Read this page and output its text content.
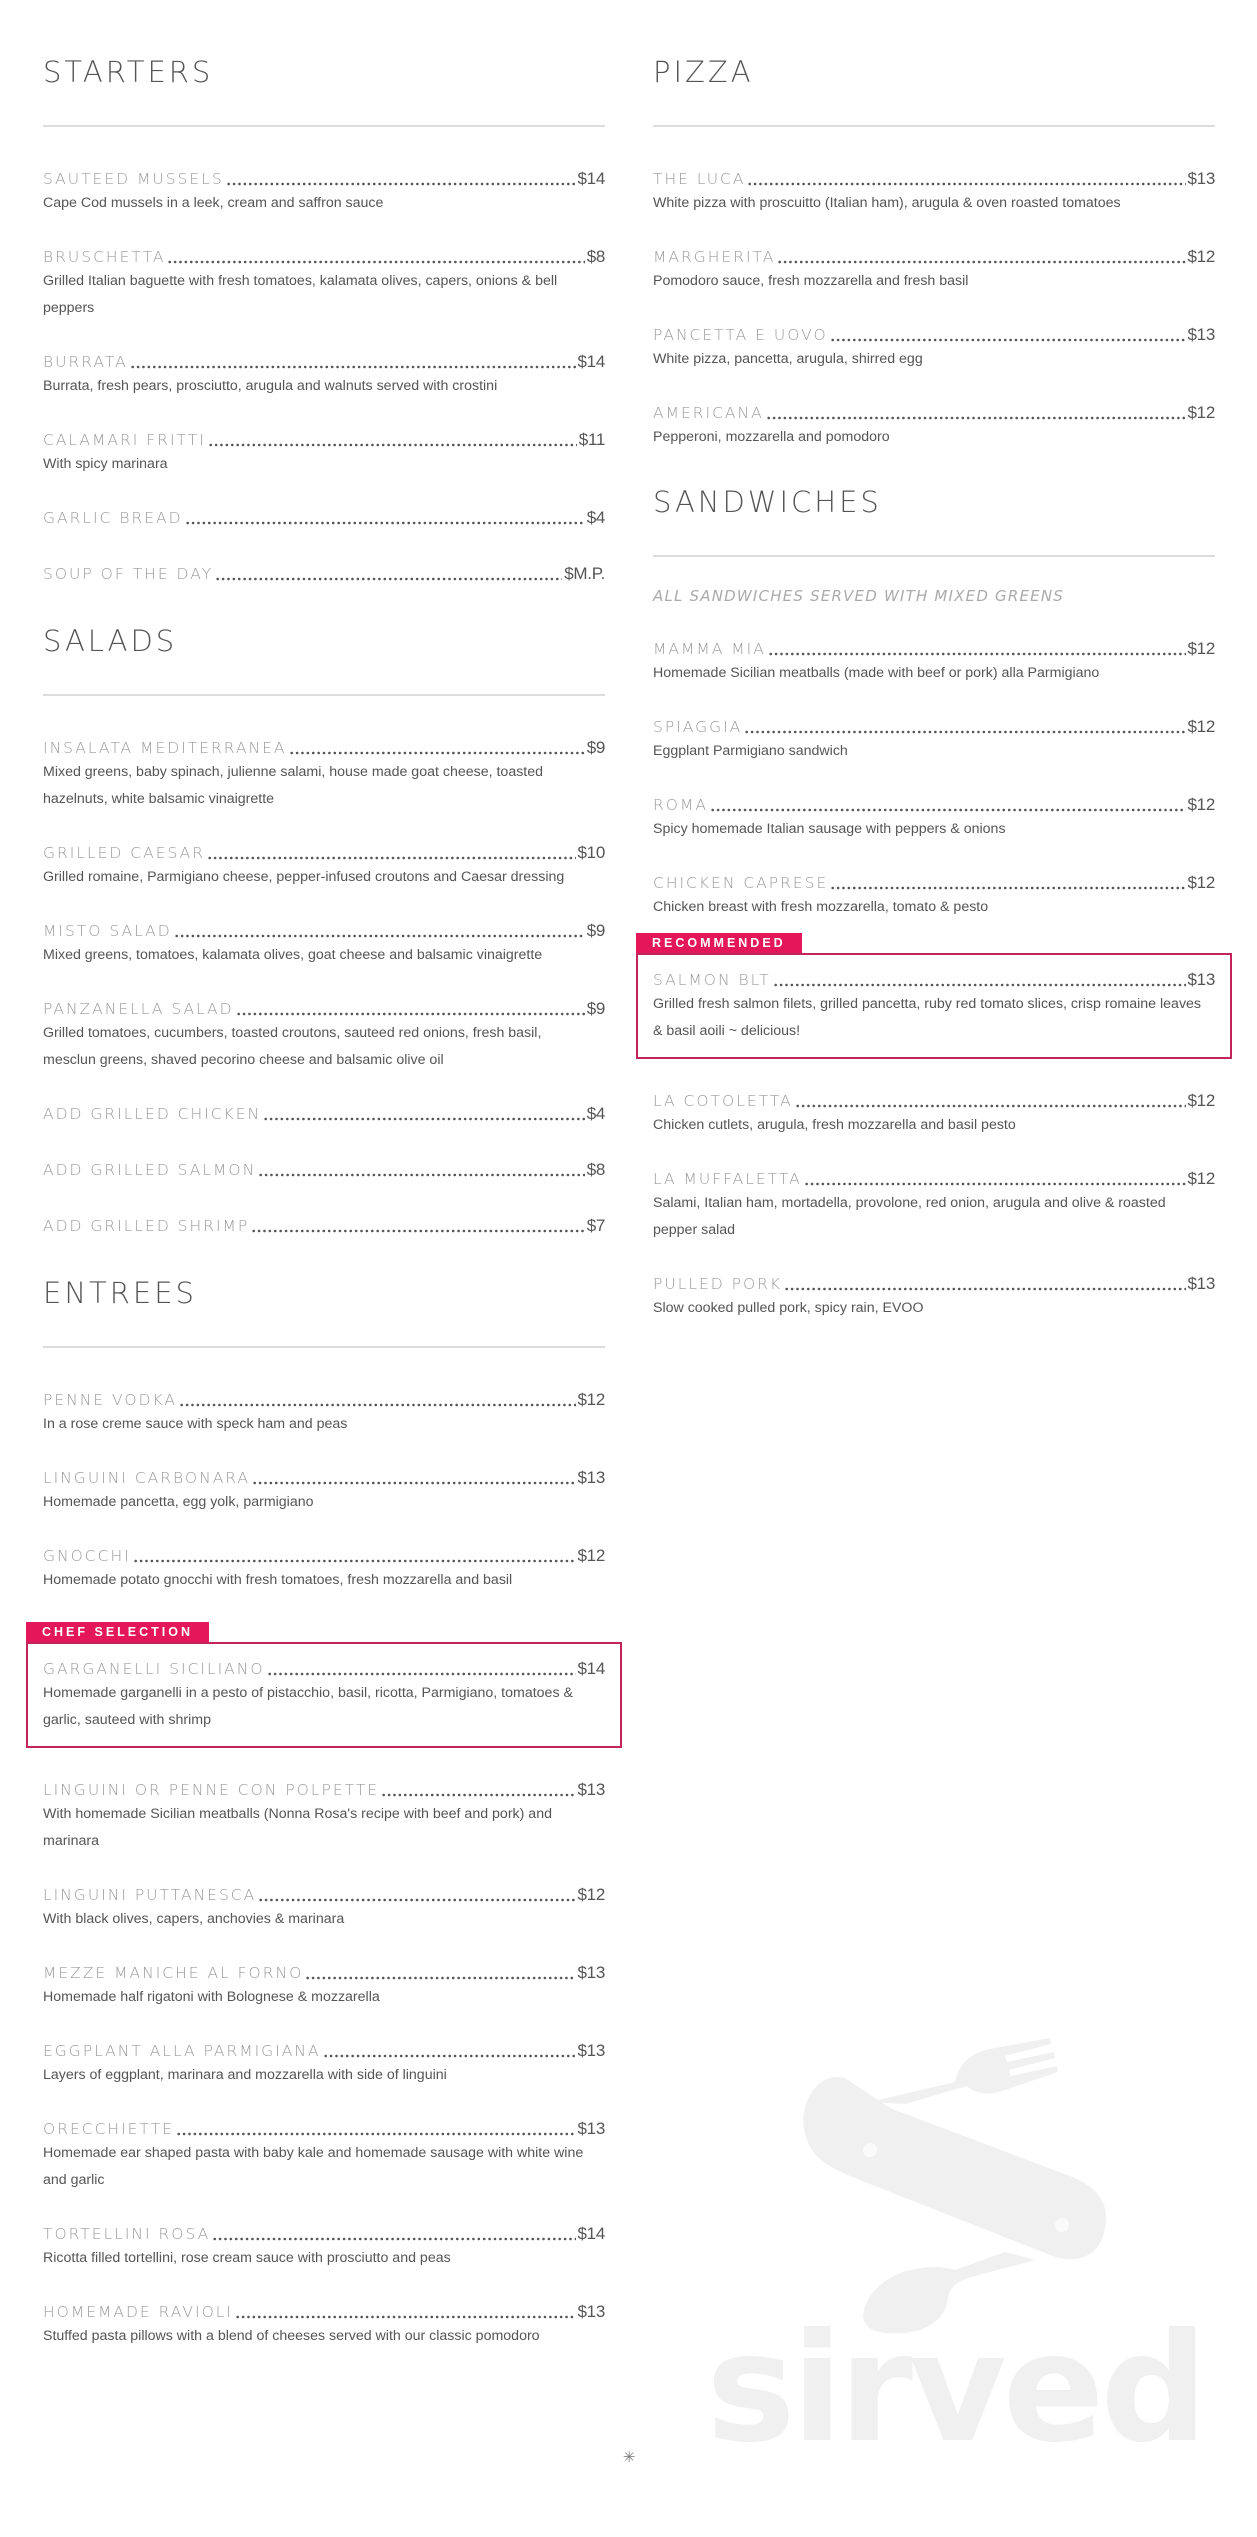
STARTERS
SAUTEED MUSSELS	$14
Cape Cod mussels in a leek, cream and saffron sauce
BRUSCHETTA	$8
Grilled Italian baguette with fresh tomatoes, kalamata olives, capers, onions & bell peppers
BURRATA	$14
Burrata, fresh pears, prosciutto, arugula and walnuts served with crostini
CALAMARI FRITTI	$11
With spicy marinara
GARLIC BREAD	$4
SOUP OF THE DAY	$M.P.
SALADS
INSALATA MEDITERRANEA	$9
Mixed greens, baby spinach, julienne salami, house made goat cheese, toasted hazelnuts, white balsamic vinaigrette
GRILLED CAESAR	$10
Grilled romaine, Parmigiano cheese, pepper-infused croutons and Caesar dressing
MISTO SALAD	$9
Mixed greens, tomatoes, kalamata olives, goat cheese and balsamic vinaigrette
PANZANELLA SALAD	$9
Grilled tomatoes, cucumbers, toasted croutons, sauteed red onions, fresh basil, mesclun greens, shaved pecorino cheese and balsamic olive oil
ADD GRILLED CHICKEN	$4
ADD GRILLED SALMON	$8
ADD GRILLED SHRIMP	$7
ENTREES
PENNE VODKA	$12
In a rose creme sauce with speck ham and peas
LINGUINI CARBONARA	$13
Homemade pancetta, egg yolk, parmigiano
GNOCCHI	$12
Homemade potato gnocchi with fresh tomatoes, fresh mozzarella and basil
CHEF SELECTION
GARGANELLI SICILIANO	$14
Homemade garganelli in a pesto of pistacchio, basil, ricotta, Parmigiano, tomatoes & garlic, sauteed with shrimp
LINGUINI OR PENNE CON POLPETTE	$13
With homemade Sicilian meatballs (Nonna Rosa's recipe with beef and pork) and marinara
LINGUINI PUTTANESCA	$12
With black olives, capers, anchovies & marinara
MEZZE MANICHE AL FORNO	$13
Homemade half rigatoni with Bolognese & mozzarella
EGGPLANT ALLA PARMIGIANA	$13
Layers of eggplant, marinara and mozzarella with side of linguini
ORECCHIETTE	$13
Homemade ear shaped pasta with baby kale and homemade sausage with white wine and garlic
TORTELLINI ROSA	$14
Ricotta filled tortellini, rose cream sauce with prosciutto and peas
HOMEMADE RAVIOLI	$13
Stuffed pasta pillows with a blend of cheeses served with our classic pomodoro
PIZZA
THE LUCA	$13
White pizza with proscuitto (Italian ham), arugula & oven roasted tomatoes
MARGHERITA	$12
Pomodoro sauce, fresh mozzarella and fresh basil
PANCETTA E UOVO	$13
White pizza, pancetta, arugula, shirred egg
AMERICANA	$12
Pepperoni, mozzarella and pomodoro
SANDWICHES
ALL SANDWICHES SERVED WITH MIXED GREENS
MAMMA MIA	$12
Homemade Sicilian meatballs (made with beef or pork) alla Parmigiano
SPIAGGIA	$12
Eggplant Parmigiano sandwich
ROMA	$12
Spicy homemade Italian sausage with peppers & onions
CHICKEN CAPRESE	$12
Chicken breast with fresh mozzarella, tomato & pesto
RECOMMENDED
SALMON BLT	$13
Grilled fresh salmon filets, grilled pancetta, ruby red tomato slices, crisp romaine leaves & basil aoili ~ delicious!
LA COTOLETTA	$12
Chicken cutlets, arugula, fresh mozzarella and basil pesto
LA MUFFALETTA	$12
Salami, Italian ham, mortadella, provolone, red onion, arugula and olive & roasted pepper salad
PULLED PORK	$13
Slow cooked pulled pork, spicy rain, EVOO
sirved
✳
